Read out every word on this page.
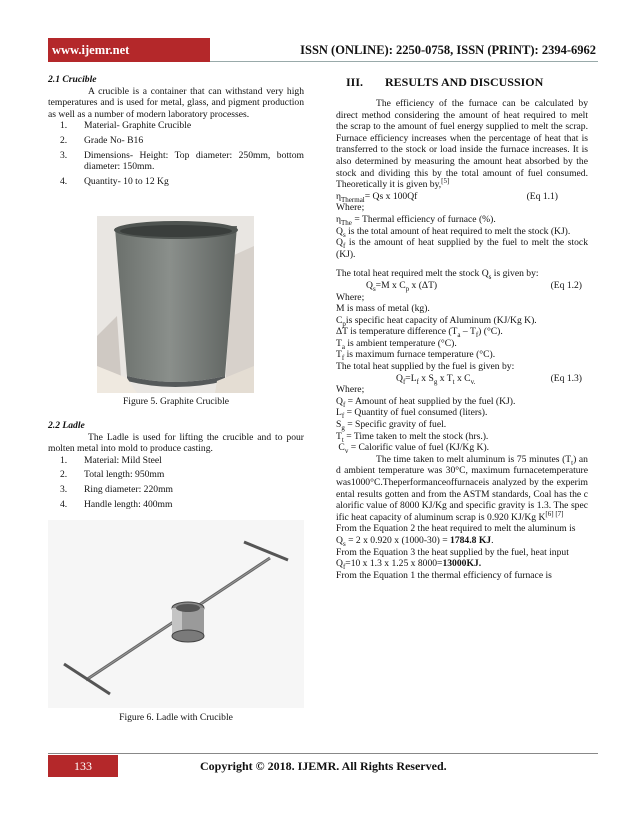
www.ijemr.net	ISSN (ONLINE): 2250-0758, ISSN (PRINT): 2394-6962

2.1 Crucible

A crucible is a container that can withstand very high temperatures and is used for metal, glass, and pigment production as well as a number of modern laboratory processes.

1. Material- Graphite Crucible
2. Grade No- B16
3. Dimensions- Height: Top diameter: 250mm, bottom diameter: 150mm.
4. Quantity- 10 to 12 Kg
Figure 5. Graphite Crucible

2.2 Ladle

The Ladle is used for lifting the crucible and to pour molten metal into mold to produce casting.

1. Material: Mild Steel
2. Total length: 950mm
3. Ring diameter: 220mm
4. Handle length: 400mm
Figure 6. Ladle with Crucible

III. RESULTS AND DISCUSSION

The efficiency of the furnace can be calculated by direct method considering the amount of heat required to melt the scrap to the amount of fuel energy supplied to melt the scrap. Furnace efficiency increases when the percentage of heat that is transferred to the stock or load inside the furnace increases. It is also determined by measuring the amount heat absorbed by the stock and dividing this by the total amount of fuel consumed. Theoretically it is given by,[5]

$\eta_{Thermal}= Qs$ x 100Qf	(Eq 1.1)

Where;

$\eta_{The}$ = Thermal efficiency of furnace (%).

$Q_s$ is the total amount of heat required to melt the stock (KJ).

$Q_f$ is the amount of heat supplied by the fuel to melt the stock (KJ).

The total heat required melt the stock $Q_s$ is given by:

$Q_s=M$ x $C_p$ x (ΔT)	(Eq 1.2)

Where;

M is mass of metal (kg).

$C_pis$ specific heat capacity of Aluminum (KJ/Kg K).

ΔT is temperature difference $(T_a - T_f)$ (°C).

$T_a$ is ambient temperature (°C).

$T_f$ is maximum furnace temperature (°C).

The total heat supplied by the fuel is given by:

$Q_f=L_f$ x $S_g$ x $T_t$ x $C_{v.}$	(Eq 1.3)

Where;

$Q_f$ = Amount of heat supplied by the fuel (KJ).

$L_f$ = Quantity of fuel consumed (liters).

$S_g$ = Specific gravity of fuel.

$T_t$ = Time taken to melt the stock (hrs.).

$C_v$ = Calorific value of fuel (KJ/Kg K).

The time taken to melt aluminum is 75 minutes $(T_t)$ and ambient temperature was 30°C, maximum furnacetemperaturewas1000°C.Theperformanceoffurnaceis analyzed by the experimental results gotten and from the ASTM standards, Coal has the calorific value of 8000 KJ/Kg and specific gravity is 1.3. The specific heat capacity of aluminum scrap is 0.920 KJ/Kg K[6] [7]

From the Equation 2 the heat required to melt the aluminum is

$Q_s = 2$ x 0.920 x (1000-30) = 1784.8 KJ.

From the Equation 3 the heat supplied by the fuel, heat input

$Q_f=10$ x 1.3 x 1.25 x 8000=13000KJ.

From the Equation 1 the thermal efficiency of furnace is

133	Copyright © 2018. IJEMR. All Rights Reserved.
